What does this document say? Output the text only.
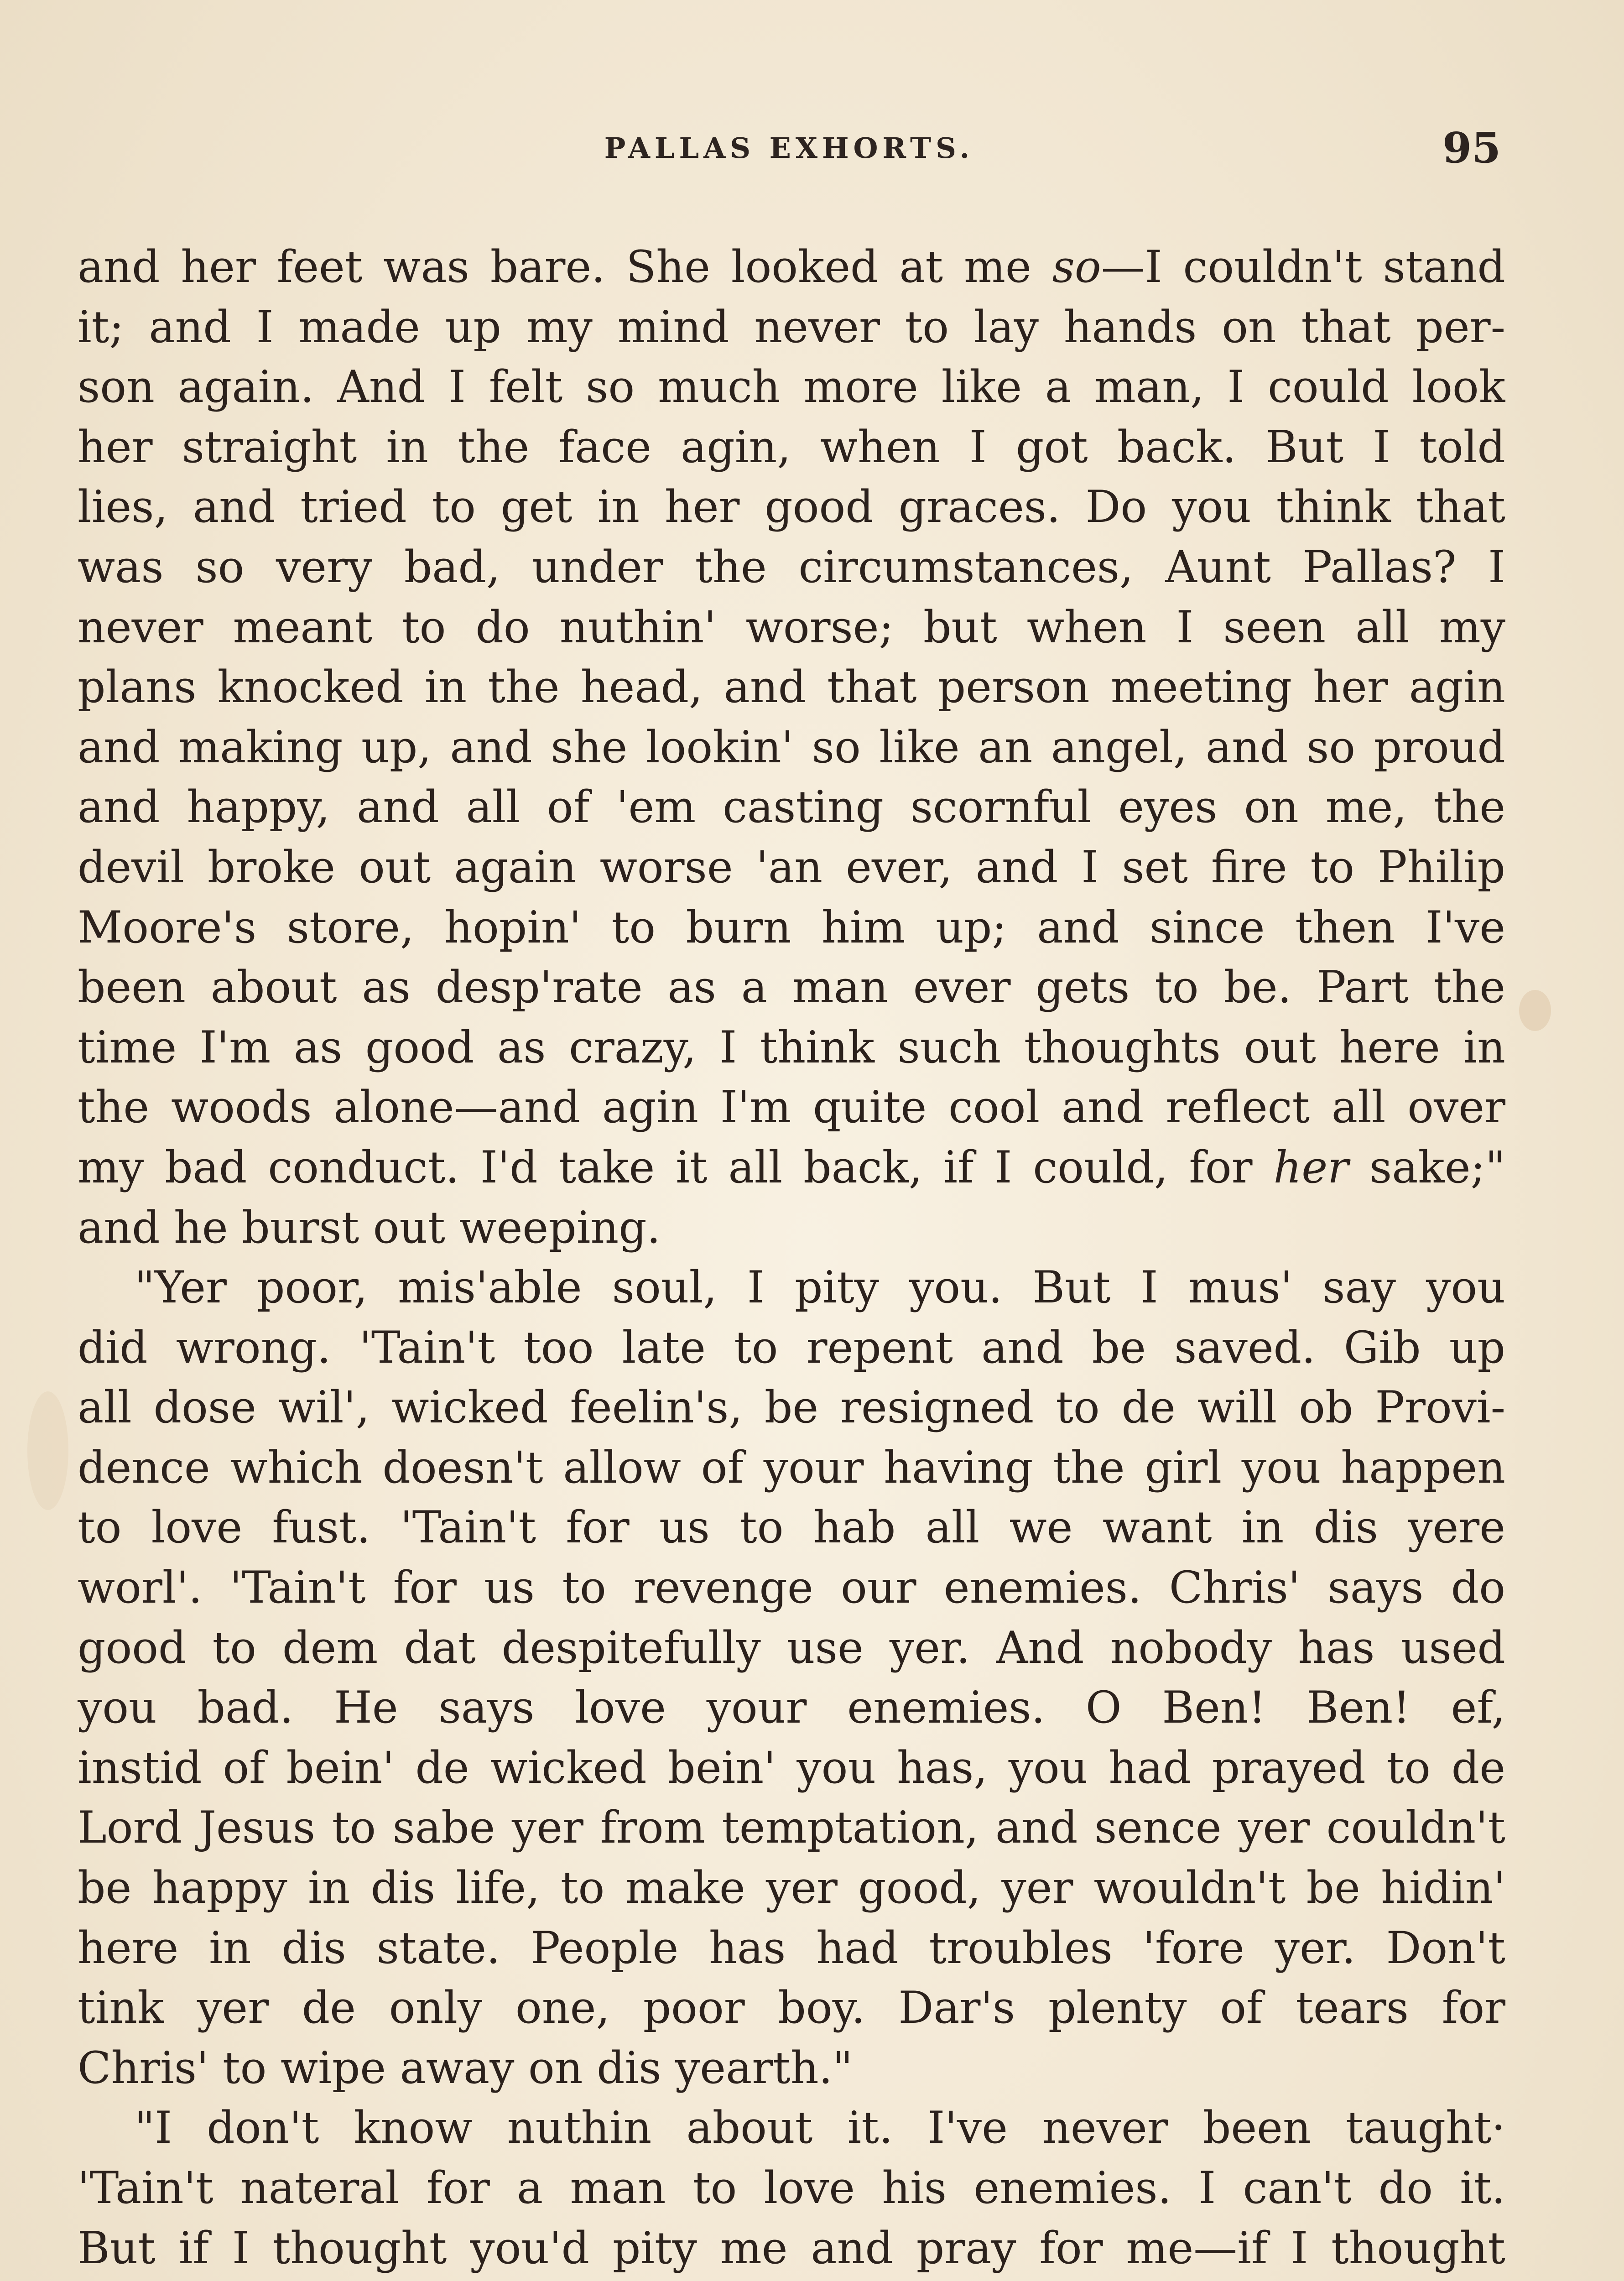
PALLAS EXHORTS.	95
and her feet was bare. She looked at me so—I couldn't stand
it; and I made up my mind never to lay hands on that per-
son again. And I felt so much more like a man, I could look
her straight in the face agin, when I got back. But I told
lies, and tried to get in her good graces. Do you think that
was so very bad, under the circumstances, Aunt Pallas? I
never meant to do nuthin' worse; but when I seen all my
plans knocked in the head, and that person meeting her agin
and making up, and she lookin' so like an angel, and so proud
and happy, and all of 'em casting scornful eyes on me, the
devil broke out again worse 'an ever, and I set fire to Philip
Moore's store, hopin' to burn him up; and since then I've
been about as desp'rate as a man ever gets to be. Part the
time I'm as good as crazy, I think such thoughts out here in
the woods alone—and agin I'm quite cool and reflect all over
my bad conduct. I'd take it all back, if I could, for her sake;"
and he burst out weeping.
"Yer poor, mis'able soul, I pity you. But I mus' say you
did wrong. 'Tain't too late to repent and be saved. Gib up
all dose wil', wicked feelin's, be resigned to de will ob Provi-
dence which doesn't allow of your having the girl you happen
to love fust. 'Tain't for us to hab all we want in dis yere
worl'. 'Tain't for us to revenge our enemies. Chris' says do
good to dem dat despitefully use yer. And nobody has used
you bad. He says love your enemies. O Ben! Ben! ef,
instid of bein' de wicked bein' you has, you had prayed to de
Lord Jesus to sabe yer from temptation, and sence yer couldn't
be happy in dis life, to make yer good, yer wouldn't be hidin'
here in dis state. People has had troubles 'fore yer. Don't
tink yer de only one, poor boy. Dar's plenty of tears for
Chris' to wipe away on dis yearth."
"I don't know nuthin about it. I've never been taught·
'Tain't nateral for a man to love his enemies. I can't do it.
But if I thought you'd pity me and pray for me—if I thought
